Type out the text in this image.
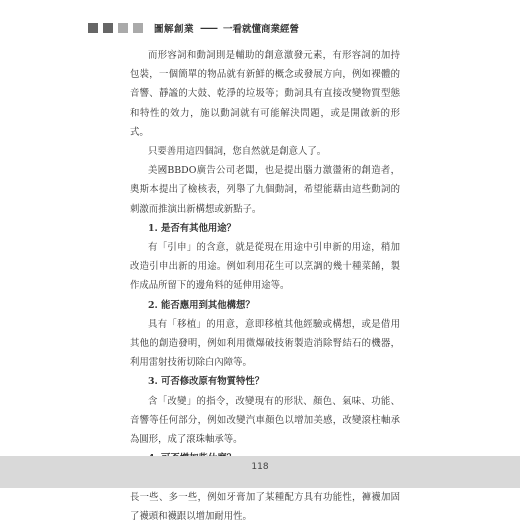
圖解創業 —— 一看就懂商業經營

而形容詞和動詞則是輔助的創意激發元素，有形容詞的加持包裝，一個簡單的物品就有新鮮的概念或發展方向，例如裸體的音響、靜謐的大鼓、乾淨的垃圾等；動詞具有直接改變物質型態和特性的效力，施以動詞就有可能解決問題，或是開啟新的形式。

只要善用這四個詞，您自然就是創意人了。

美國BBDO廣告公司老闆，也是提出腦力激盪術的創造者，奧斯本提出了檢核表，列舉了九個動詞，希望能藉由這些動詞的刺激而推演出新構想或新點子。

1. 是否有其他用途？

有「引申」的含意，就是從現在用途中引申新的用途，稍加改造引申出新的用途。例如利用花生可以烹調的幾十種菜餚，製作成品所留下的邊角料的延伸用途等。

2. 能否應用到其他構想？

具有「移植」的用意，意即移植其他經驗或構想，或是借用其他的創造發明，例如利用微爆破技術製造消除腎結石的機器，利用雷射技術切除白內障等。

3. 可否修改原有物質特性？

含「改變」的指令，改變現有的形狀、顏色、氣味、功能、音響等任何部分，例如改變汽車顏色以增加美感，改變滾柱軸承為圓形，成了滾珠軸承等。

長一些、多一些，例如牙膏加了某種配方具有功能性，褲襪加固了襪頭和襪跟以增加耐用性。

118
